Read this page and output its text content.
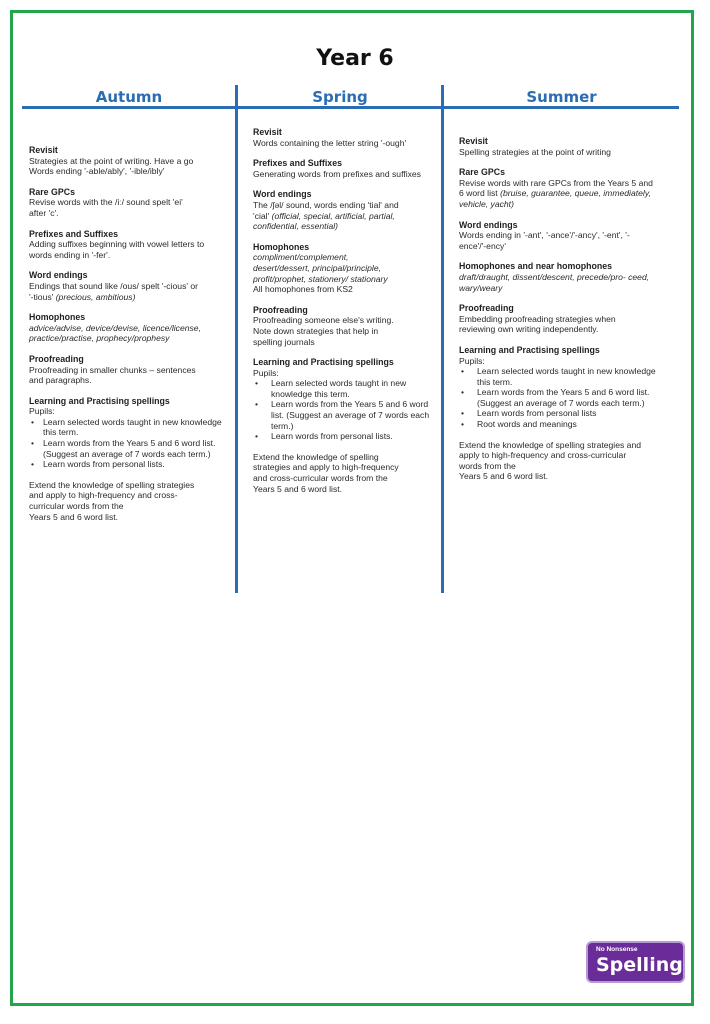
Year 6
Autumn	Spring	Summer
Revisit

Strategies at the point of writing. Have a go

Words ending '-able/ably', '-ible/ibly'

Rare GPCs

Revise words with the /iː/ sound spelt 'ei'

after 'c'.

Prefixes and Suffixes

Adding suffixes beginning with vowel letters to

words ending in '-fer'.

Word endings

Endings that sound like /ous/ spelt '-cious' or

'-tious' (precious, ambitious)

Homophones

advice/advise, device/devise, licence/license,

practice/practise, prophecy/prophesy

Proofreading

Proofreading in smaller chunks – sentences

and paragraphs.

Learning and Practising spellings

Pupils:

• Learn selected words taught in new knowledge this term.
• Learn words from the Years 5 and 6 word list. (Suggest an average of 7 words each term.)
• Learn words from personal lists.

Extend the knowledge of spelling strategies

and apply to high-frequency and cross-

curricular words from the

Years 5 and 6 word list.

Revisit

Words containing the letter string '-ough'

Prefixes and Suffixes

Generating words from prefixes and suffixes

Word endings

The /ʃəl/ sound, words ending 'tial' and

'cial' (official, special, artificial, partial,

confidential, essential)

Homophones

compliment/complement,

desert/dessert, principal/principle,

profit/prophet, stationery/ stationary

All homophones from KS2

Proofreading

Proofreading someone else's writing.

Note down strategies that help in

spelling journals

Learning and Practising spellings

Pupils:

• Learn selected words taught in new knowledge this term.
• Learn words from the Years 5 and 6 word list. (Suggest an average of 7 words each term.)
• Learn words from personal lists.

Extend the knowledge of spelling

strategies and apply to high-frequency

and cross-curricular words from the

Years 5 and 6 word list.

Revisit

Spelling strategies at the point of writing

Rare GPCs

Revise words with rare GPCs from the Years 5 and

6 word list (bruise, guarantee, queue, immediately,

vehicle, yacht)

Word endings

Words ending in '-ant', '-ance'/'-ancy', '-ent', '-

ence'/'-ency'

Homophones and near homophones

draft/draught, dissent/descent, precede/pro- ceed,

wary/weary

Proofreading

Embedding proofreading strategies when

reviewing own writing independently.

Learning and Practising spellings

Pupils:

• Learn selected words taught in new knowledge this term.
• Learn words from the Years 5 and 6 word list. (Suggest an average of 7 words each term.)
• Learn words from personal lists
• Root words and meanings

Extend the knowledge of spelling strategies and

apply to high-frequency and cross-curricular

words from the

Years 5 and 6 word list.

No Nonsense
Spelling
